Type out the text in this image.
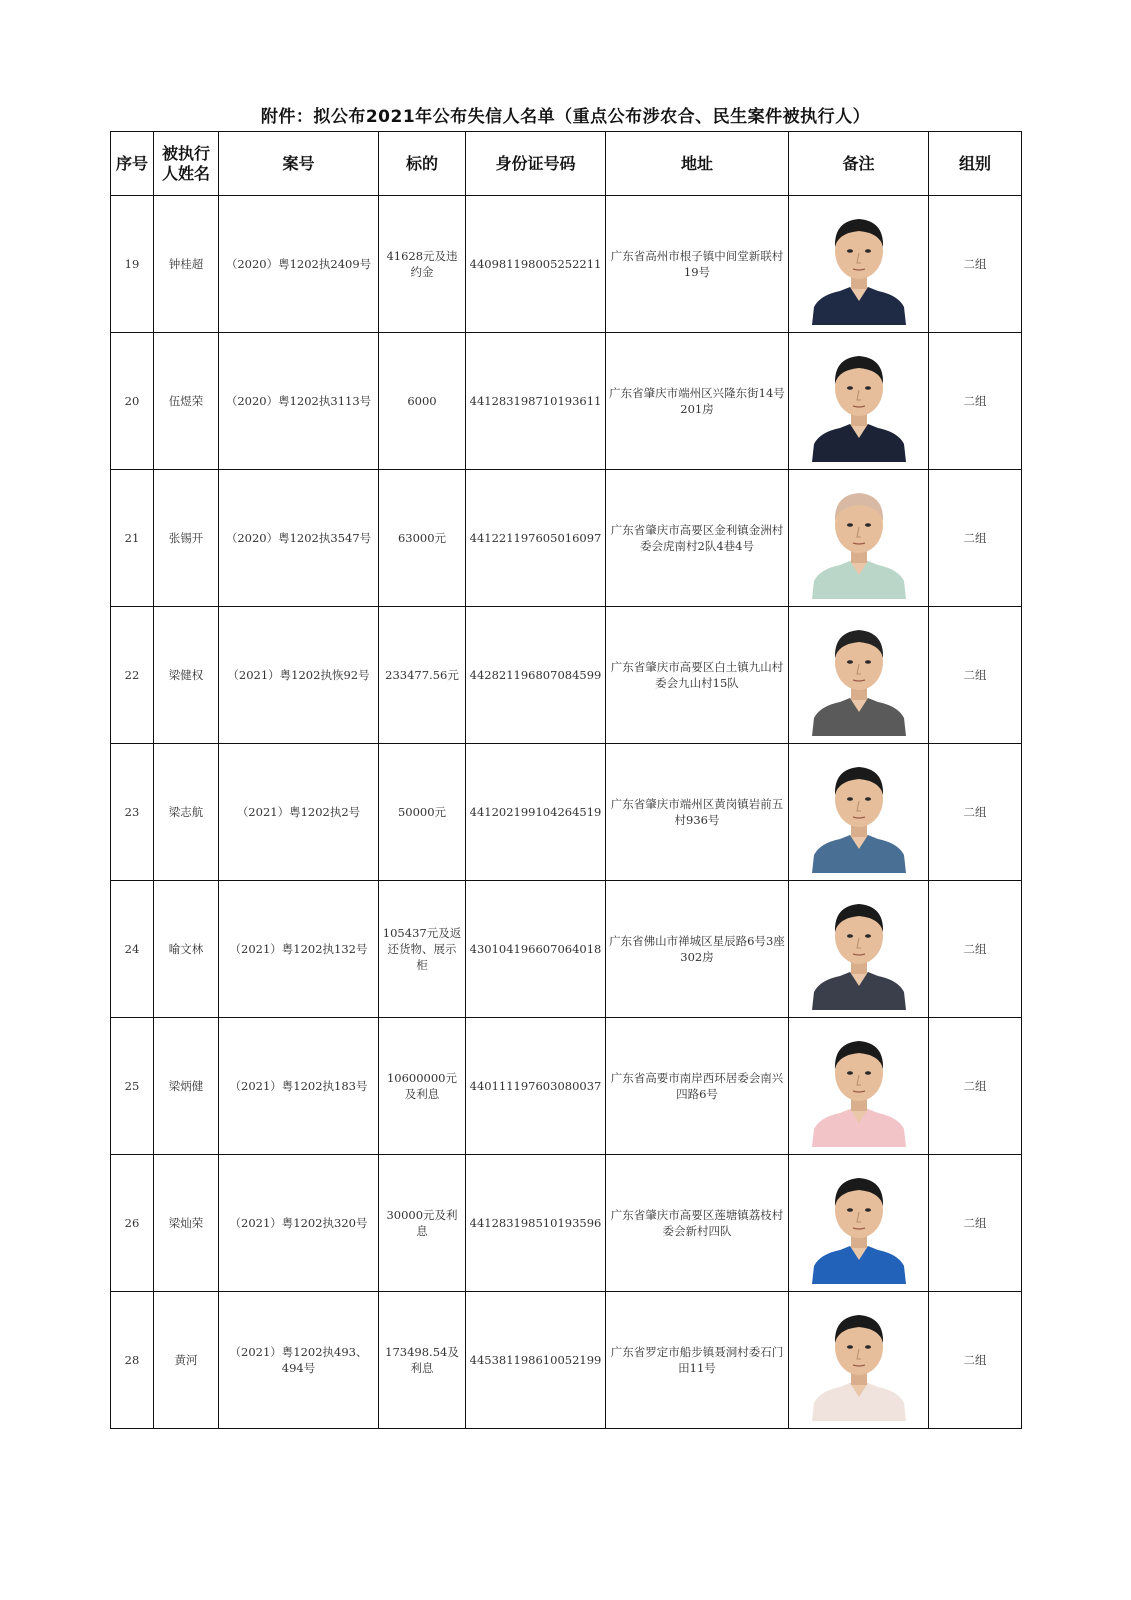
附件：拟公布2021年公布失信人名单（重点公布涉农合、民生案件被执行人）
序号	被执行人姓名	案号	标的	身份证号码	地址	备注	组别
19	钟桂超	（2020）粤1202执2409号	41628元及违约金	440981198005252211	广东省高州市根子镇中间堂新联村19号		二组
20	伍煜荣	（2020）粤1202执3113号	6000	441283198710193611	广东省肇庆市端州区兴隆东街14号201房		二组
21	张锡开	（2020）粤1202执3547号	63000元	441221197605016097	广东省肇庆市高要区金利镇金洲村委会虎南村2队4巷4号		二组
22	梁健权	（2021）粤1202执恢92号	233477.56元	442821196807084599	广东省肇庆市高要区白土镇九山村委会九山村15队		二组
23	梁志航	（2021）粤1202执2号	50000元	441202199104264519	广东省肇庆市端州区黄岗镇岩前五村936号		二组
24	喻文林	（2021）粤1202执132号	105437元及返还货物、展示柜	430104196607064018	广东省佛山市禅城区星辰路6号3座302房		二组
25	梁炳健	（2021）粤1202执183号	10600000元及利息	440111197603080037	广东省高要市南岸西环居委会南兴四路6号		二组
26	梁灿荣	（2021）粤1202执320号	30000元及利息	441283198510193596	广东省肇庆市高要区莲塘镇荔枝村委会新村四队		二组
28	黄河	（2021）粤1202执493、494号	173498.54及利息	445381198610052199	广东省罗定市船步镇聂洞村委石门田11号		二组
